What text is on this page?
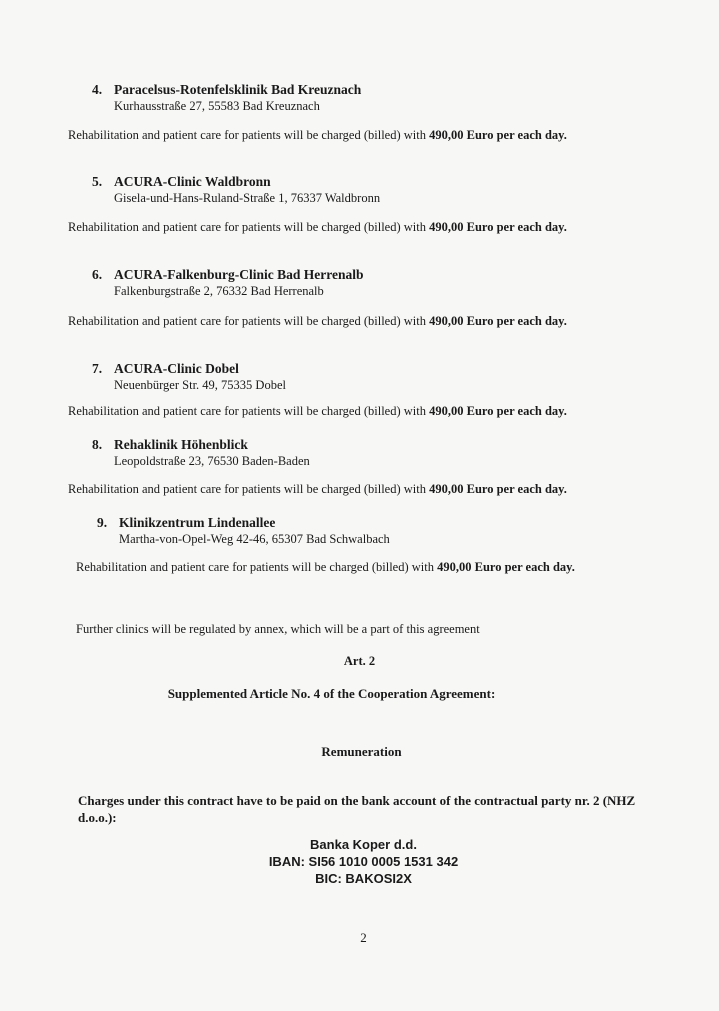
4. Paracelsus-Rotenfelsklinik Bad Kreuznach
Kurhausstraße 27, 55583 Bad Kreuznach
Rehabilitation and patient care for patients will be charged (billed) with 490,00 Euro per each day.
5. ACURA-Clinic Waldbronn
Gisela-und-Hans-Ruland-Straße 1, 76337 Waldbronn
Rehabilitation and patient care for patients will be charged (billed) with 490,00 Euro per each day.
6. ACURA-Falkenburg-Clinic Bad Herrenalb
Falkenburgstraße 2, 76332 Bad Herrenalb
Rehabilitation and patient care for patients will be charged (billed) with 490,00 Euro per each day.
7. ACURA-Clinic Dobel
Neuenbürger Str. 49, 75335 Dobel
Rehabilitation and patient care for patients will be charged (billed) with 490,00 Euro per each day.
8. Rehaklinik Höhenblick
Leopoldstraße 23, 76530 Baden-Baden
Rehabilitation and patient care for patients will be charged (billed) with 490,00 Euro per each day.
9. Klinikzentrum Lindenallee
Martha-von-Opel-Weg 42-46, 65307 Bad Schwalbach
Rehabilitation and patient care for patients will be charged (billed) with 490,00 Euro per each day.
Further clinics will be regulated by annex, which will be a part of this agreement
Art. 2
Supplemented Article No. 4 of the Cooperation Agreement:
Remuneration
Charges under this contract have to be paid on the bank account of the contractual party nr. 2 (NHZ d.o.o.):
Banka Koper d.d.
IBAN: SI56 1010 0005 1531 342
BIC: BAKOSI2X
2
